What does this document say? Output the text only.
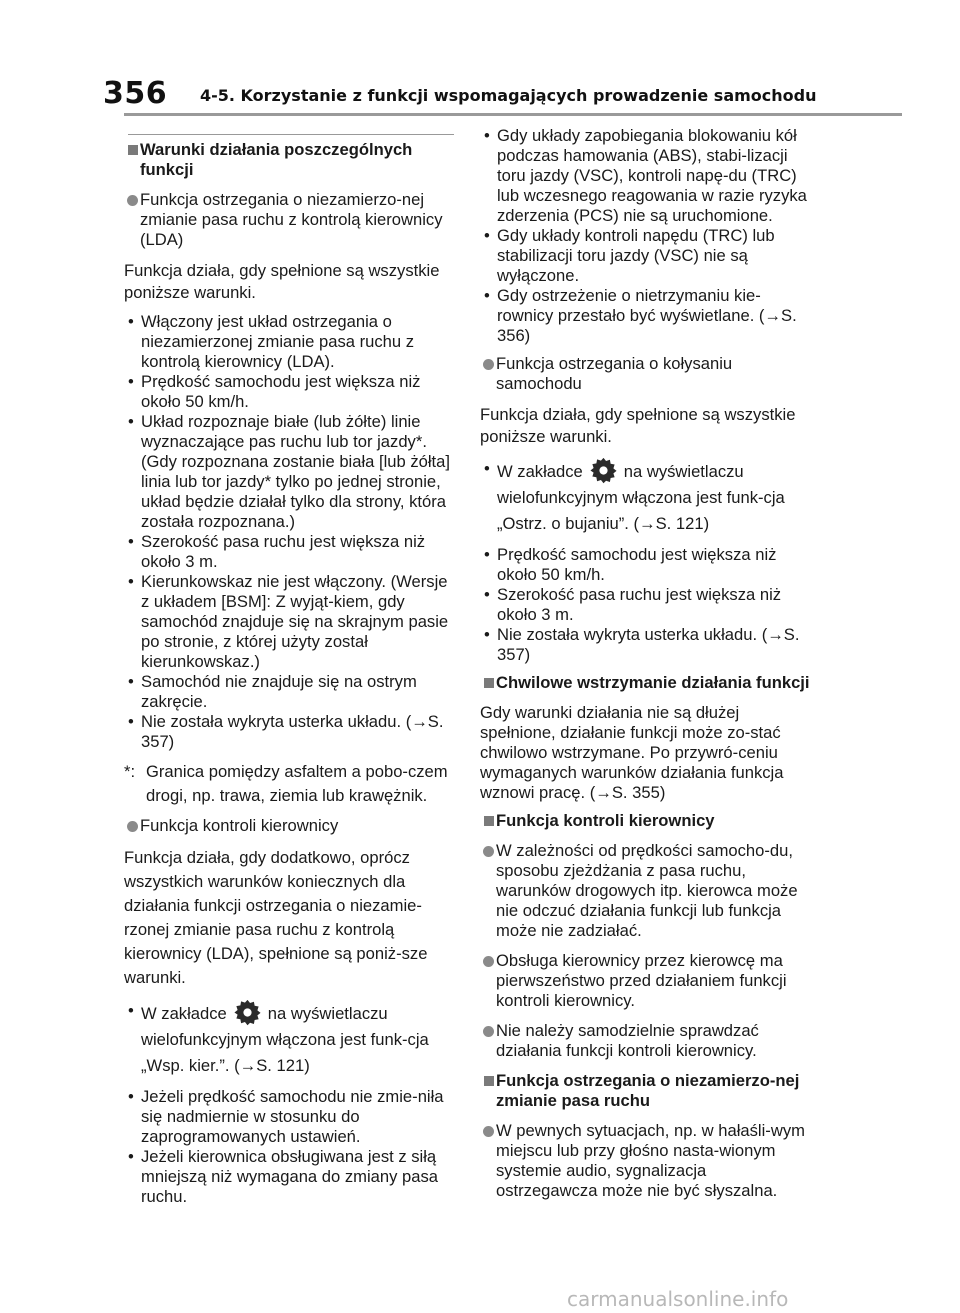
356 4-5. Korzystanie z funkcji wspomagających prowadzenie samochodu
Warunki działania poszczególnych funkcji
Funkcja ostrzegania o niezamierzo-nej zmianie pasa ruchu z kontrolą kierownicy (LDA)
Funkcja działa, gdy spełnione są wszystkie poniższe warunki.
• Włączony jest układ ostrzegania o niezamierzonej zmianie pasa ruchu z kontrolą kierownicy (LDA).
• Prędkość samochodu jest większa niż około 50 km/h.
• Układ rozpoznaje białe (lub żółte) linie wyznaczające pas ruchu lub tor jazdy*. (Gdy rozpoznana zostanie biała [lub żółta] linia lub tor jazdy* tylko po jednej stronie, układ będzie działał tylko dla strony, która została rozpoznana.)
• Szerokość pasa ruchu jest większa niż około 3 m.
• Kierunkowskaz nie jest włączony. (Wersje z układem [BSM]: Z wyjąt-kiem, gdy samochód znajduje się na skrajnym pasie po stronie, z której użyty został kierunkowskaz.)
• Samochód nie znajduje się na ostrym zakręcie.
• Nie została wykryta usterka układu. (→S. 357)
*: Granica pomiędzy asfaltem a pobo-czem drogi, np. trawa, ziemia lub krawężnik.
Funkcja kontroli kierownicy
Funkcja działa, gdy dodatkowo, oprócz wszystkich warunków koniecznych dla działania funkcji ostrzegania o niezamie-rzonej zmianie pasa ruchu z kontrolą kierownicy (LDA), spełnione są poniż-sze warunki.
• W zakładce na wyświetlaczu
wielofunkcyjnym włączona jest funk-cja „Wsp. kier.”. (→S. 121)
• Jeżeli prędkość samochodu nie zmie-niła się nadmiernie w stosunku do zaprogramowanych ustawień.
• Jeżeli kierownica obsługiwana jest z siłą mniejszą niż wymagana do zmiany pasa ruchu.
• Gdy układy zapobiegania blokowaniu kół podczas hamowania (ABS), stabi-lizacji toru jazdy (VSC), kontroli napę-du (TRC) lub wczesnego reagowania w razie ryzyka zderzenia (PCS) nie są uruchomione.
• Gdy układy kontroli napędu (TRC) lub stabilizacji toru jazdy (VSC) nie są wyłączone.
• Gdy ostrzeżenie o nietrzymaniu kie-rownicy przestało być wyświetlane. (→S. 356)
Funkcja ostrzegania o kołysaniu samochodu
Funkcja działa, gdy spełnione są wszystkie poniższe warunki.
• W zakładce na wyświetlaczu
wielofunkcyjnym włączona jest funk-cja „Ostrz. o bujaniu”. (→S. 121)
• Prędkość samochodu jest większa niż około 50 km/h.
• Szerokość pasa ruchu jest większa niż około 3 m.
• Nie została wykryta usterka układu. (→S. 357)
Chwilowe wstrzymanie działania funkcji
Gdy warunki działania nie są dłużej spełnione, działanie funkcji może zo-stać chwilowo wstrzymane. Po przywró-ceniu wymaganych warunków działania funkcja wznowi pracę. (→S. 355)
Funkcja kontroli kierownicy
W zależności od prędkości samocho-du, sposobu zjeżdżania z pasa ruchu, warunków drogowych itp. kierowca może nie odczuć działania funkcji lub funkcja może nie zadziałać.
Obsługa kierownicy przez kierowcę ma pierwszeństwo przed działaniem funkcji kontroli kierownicy.
Nie należy samodzielnie sprawdzać działania funkcji kontroli kierownicy.
Funkcja ostrzegania o niezamierzo-nej zmianie pasa ruchu
W pewnych sytuacjach, np. w hałaśli-wym miejscu lub przy głośno nasta-wionym systemie audio, sygnalizacja ostrzegawcza może nie być słyszalna.
carmanualsonline.info
